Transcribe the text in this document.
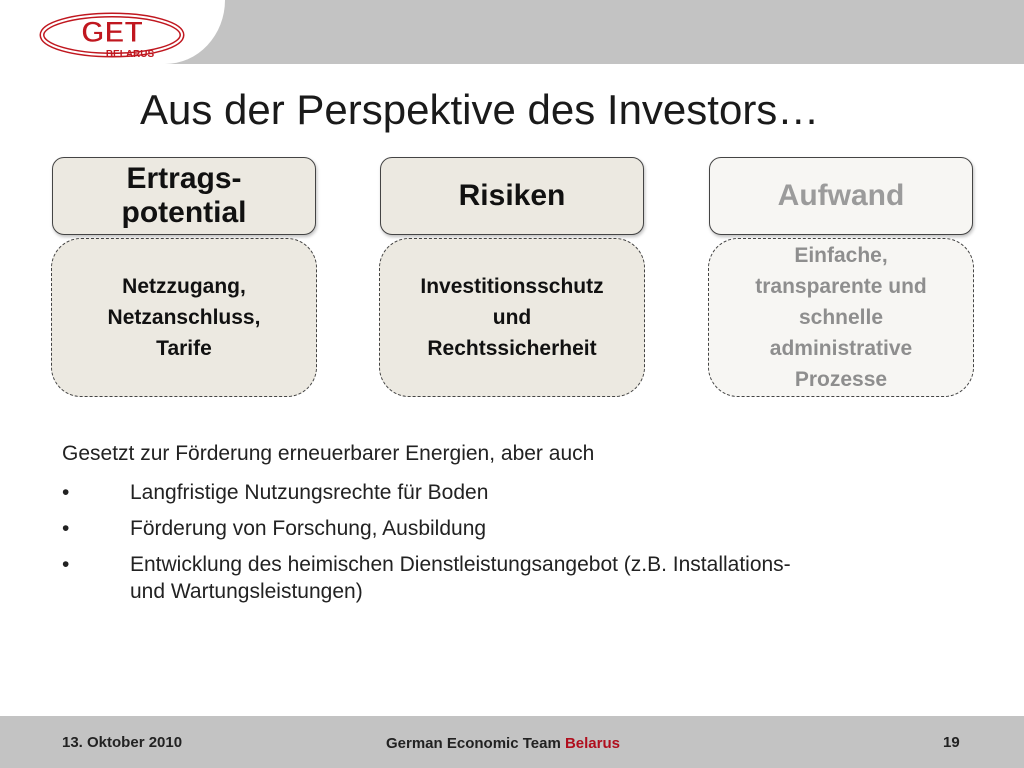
GET
BELARUS
Aus der Perspektive des Investors…
Ertrags-
potential
Risiken	Aufwand
Netzzugang,
Netzanschluss,
Tarife
Investitionsschutz
und
Rechtssicherheit
Einfache,
transparente und
schnelle
administrative
Prozesse
Gesetzt zur Förderung erneuerbarer Energien, aber auch
•	Langfristige Nutzungsrechte für Boden
•	Förderung von Forschung, Ausbildung
•	Entwicklung des heimischen Dienstleistungsangebot (z.B. Installations-
und Wartungsleistungen)
13. Oktober 2010	German Economic Team Belarus	19
